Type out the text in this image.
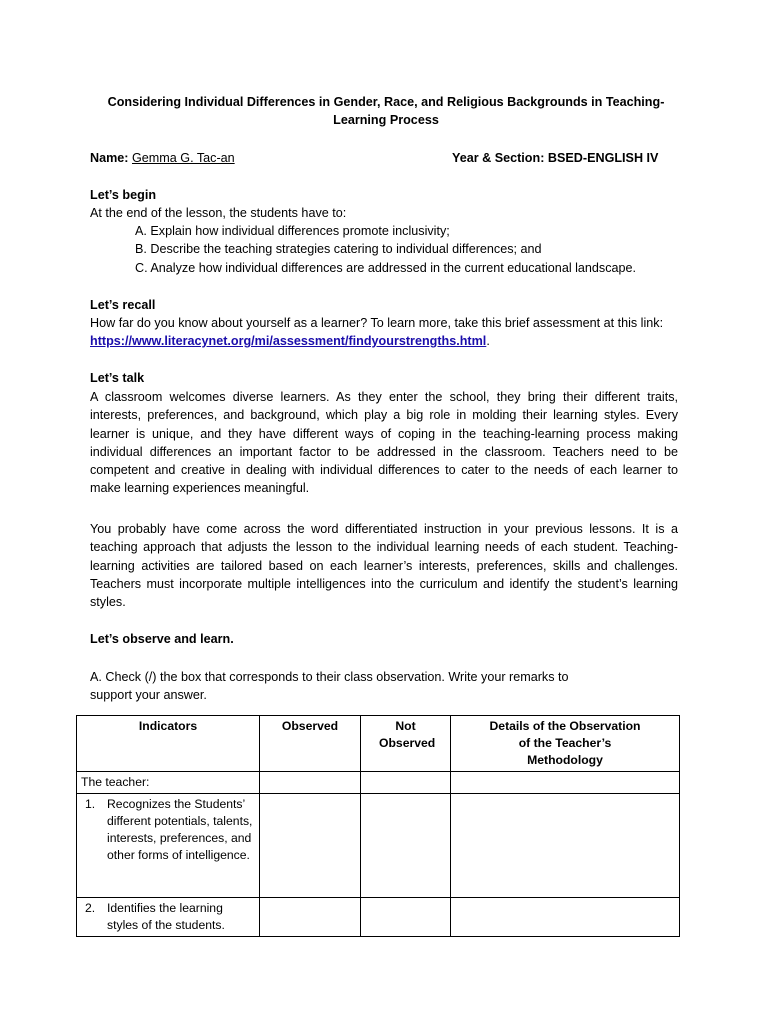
Considering Individual Differences in Gender, Race, and Religious Backgrounds in Teaching-Learning Process
Name: Gemma G. Tac-an	Year & Section: BSED-ENGLISH IV
Let’s begin
At the end of the lesson, the students have to:
A. Explain how individual differences promote inclusivity;
B. Describe the teaching strategies catering to individual differences; and
C. Analyze how individual differences are addressed in the current educational landscape.
Let’s recall
How far do you know about yourself as a learner? To learn more, take this brief assessment at this link:
https://www.literacynet.org/mi/assessment/findyourstrengths.html.
Let’s talk
A classroom welcomes diverse learners. As they enter the school, they bring their different traits, interests, preferences, and background, which play a big role in molding their learning styles. Every learner is unique, and they have different ways of coping in the teaching-learning process making individual differences an important factor to be addressed in the classroom. Teachers need to be competent and creative in dealing with individual differences to cater to the needs of each learner to make learning experiences meaningful.
You probably have come across the word differentiated instruction in your previous lessons. It is a teaching approach that adjusts the lesson to the individual learning needs of each student. Teaching-learning activities are tailored based on each learner’s interests, preferences, skills and challenges. Teachers must incorporate multiple intelligences into the curriculum and identify the student’s learning styles.
Let’s observe and learn.
A. Check (/) the box that corresponds to their class observation. Write your remarks to
support your answer.
Indicators	Observed	Not Observed	Details of the Observation of the Teacher’s Methodology
The teacher:			

1. Recognizes the Students’ different potentials, talents, interests, preferences, and other forms of intelligence.			

2. Identifies the learning styles of the students.			
